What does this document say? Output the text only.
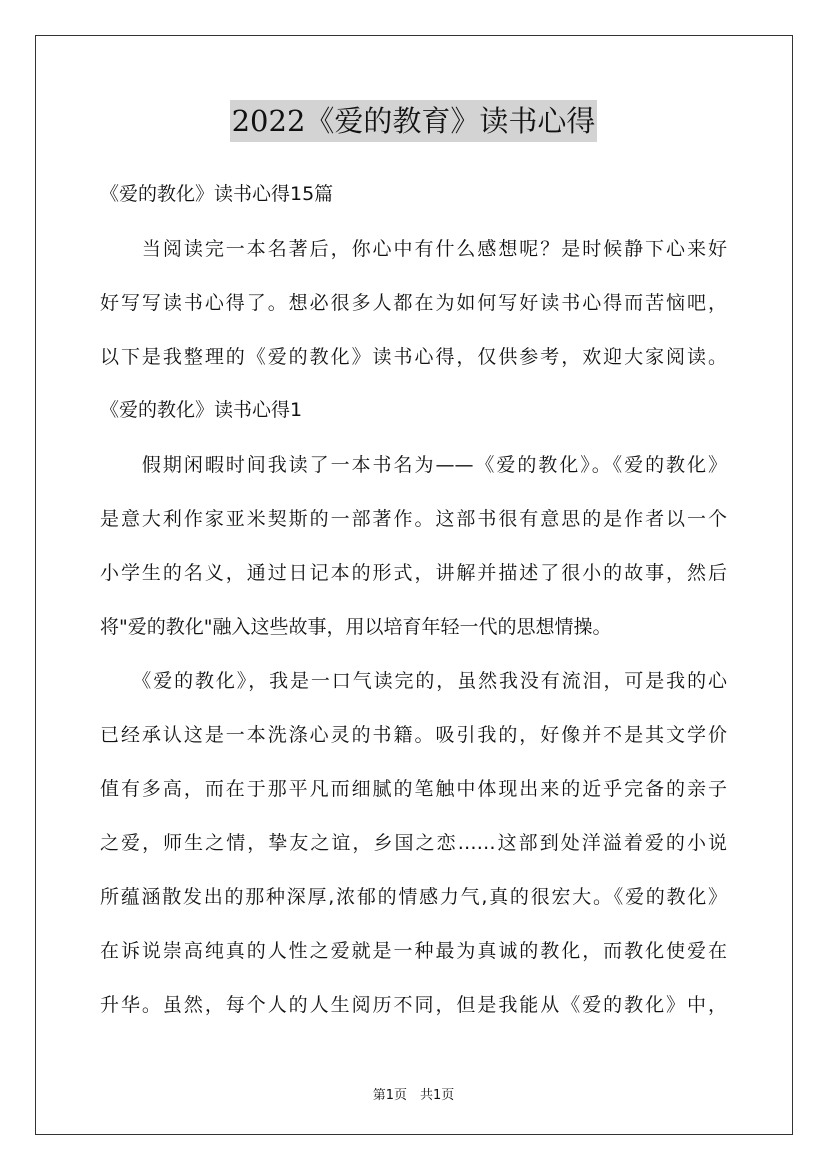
2022《爱的教育》读书心得
《爱的教化》读书心得15篇
　　当阅读完一本名著后，你心中有什么感想呢？是时候静下心来好
好写写读书心得了。想必很多人都在为如何写好读书心得而苦恼吧，
以下是我整理的《爱的教化》读书心得，仅供参考，欢迎大家阅读。
《爱的教化》读书心得1
　　假期闲暇时间我读了一本书名为——《爱的教化》。《爱的教化》
是意大利作家亚米契斯的一部著作。这部书很有意思的是作者以一个
小学生的名义，通过日记本的形式，讲解并描述了很小的故事，然后
将"爱的教化"融入这些故事，用以培育年轻一代的思想情操。
　　《爱的教化》，我是一口气读完的，虽然我没有流泪，可是我的心
已经承认这是一本洗涤心灵的书籍。吸引我的，好像并不是其文学价
值有多高，而在于那平凡而细腻的笔触中体现出来的近乎完备的亲子
之爱，师生之情，挚友之谊，乡国之恋……这部到处洋溢着爱的小说
所蕴涵散发出的那种深厚,浓郁的情感力气,真的很宏大。《爱的教化》
在诉说崇高纯真的人性之爱就是一种最为真诚的教化，而教化使爱在
升华。虽然，每个人的人生阅历不同，但是我能从《爱的教化》中，
第1页　共1页
